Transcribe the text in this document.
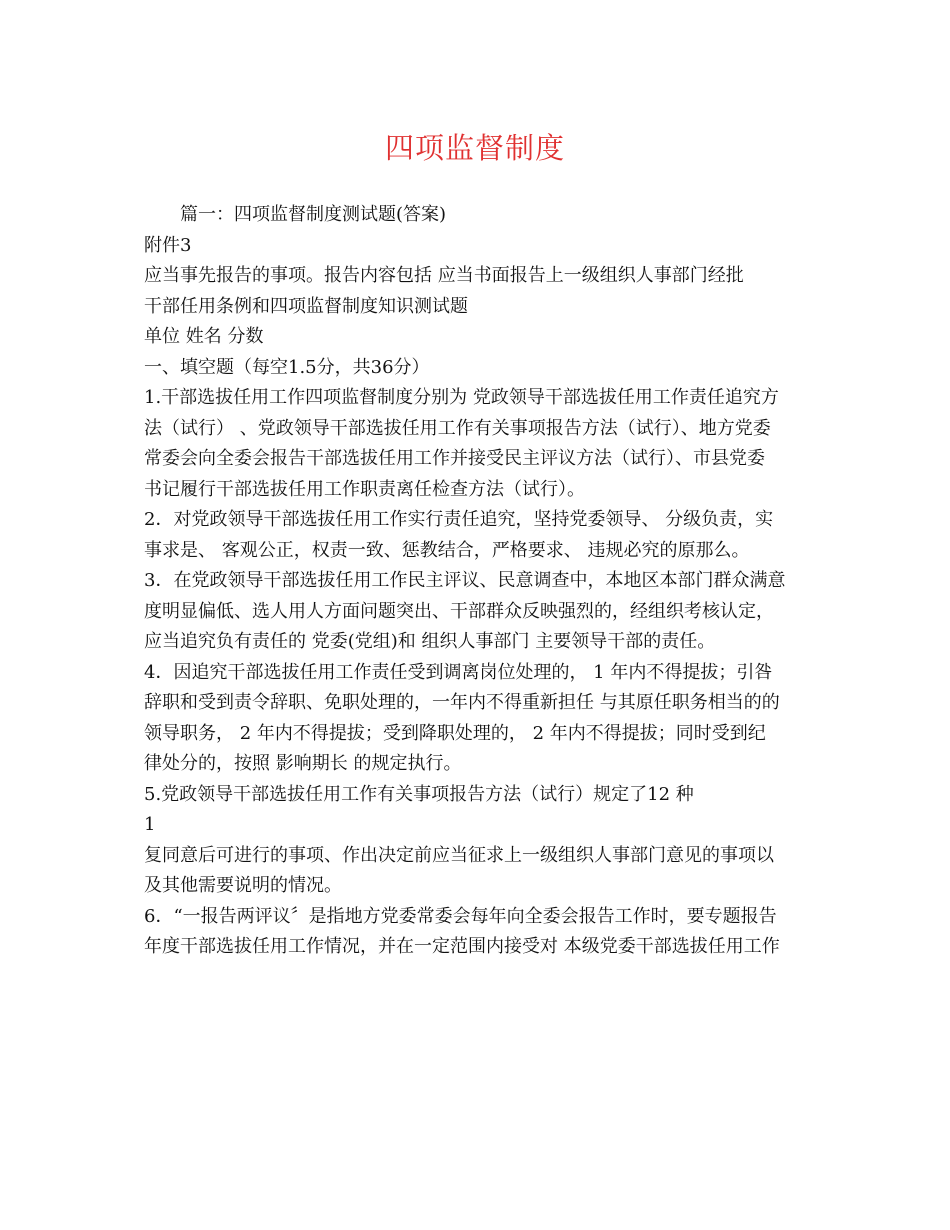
四项监督制度
篇一：四项监督制度测试题(答案)
附件3
应当事先报告的事项。报告内容包括 应当书面报告上一级组织人事部门经批
干部任用条例和四项监督制度知识测试题
单位 姓名 分数
一、填空题（每空1.5分，共36分）
1.干部选拔任用工作四项监督制度分别为 党政领导干部选拔任用工作责任追究方
法（试行） 、党政领导干部选拔任用工作有关事项报告方法（试行）、地方党委
常委会向全委会报告干部选拔任用工作并接受民主评议方法（试行）、市县党委
书记履行干部选拔任用工作职责离任检查方法（试行）。
2．对党政领导干部选拔任用工作实行责任追究，坚持党委领导、 分级负责，实
事求是、 客观公正，权责一致、惩教结合，严格要求、 违规必究的原那么。
3．在党政领导干部选拔任用工作民主评议、民意调查中，本地区本部门群众满意
度明显偏低、选人用人方面问题突出、干部群众反映强烈的，经组织考核认定，
应当追究负有责任的 党委(党组)和 组织人事部门 主要领导干部的责任。
4．因追究干部选拔任用工作责任受到调离岗位处理的， 1 年内不得提拔；引咎
辞职和受到责令辞职、免职处理的，一年内不得重新担任 与其原任职务相当的的
领导职务， 2 年内不得提拔；受到降职处理的， 2 年内不得提拔；同时受到纪
律处分的，按照 影响期长 的规定执行。
5.党政领导干部选拔任用工作有关事项报告方法（试行）规定了12 种
1
复同意后可进行的事项、作出决定前应当征求上一级组织人事部门意见的事项以
及其他需要说明的情况。
6．“一报告两评议〞是指地方党委常委会每年向全委会报告工作时，要专题报告
年度干部选拔任用工作情况，并在一定范围内接受对 本级党委干部选拔任用工作
